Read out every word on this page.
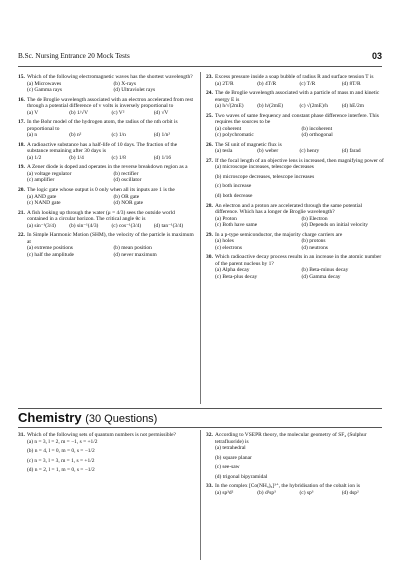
B.Sc. Nursing Entrance 20 Mock Tests	03
15. Which of the following electromagnetic waves has the shortest wavelength?
(a) Microwaves	(b) X-rays
(c) Gamma rays	(d) Ultraviolet rays
16. The de Broglie wavelength associated with an electron accelerated from rest through a potential difference of v volts is inversely proportional to
(a) V	(b) 1/√V	(c) V²	(d) √V
17. In the Bohr model of the hydrogen atom, the radius of the nth orbit is proportional to
(a) n	(b) n²	(c) 1/n	(d) 1/n²
18. A radioactive substance has a half-life of 10 days. The fraction of the substance remaining after 30 days is
(a) 1/2	(b) 1/4	(c) 1/8	(d) 1/16
19. A Zener diode is doped and operates in the reverse breakdown region as a
(a) voltage regulator	(b) rectifier
(c) amplifier	(d) oscillator
20. The logic gate whose output is 0 only when all its inputs are 1 is the
(a) AND gate	(b) OR gate
(c) NAND gate	(d) NOR gate
21. A fish looking up through the water (μ = 4/3) sees the outside world contained in a circular horizon. The critical angle θc is
(a) sin⁻¹(3/4)	(b) sin⁻¹(4/3)	(c) cos⁻¹(3/4)	(d) tan⁻¹(3/4)
22. In Simple Harmonic Motion (SHM), the velocity of the particle is maximum at
(a) extreme positions	(b) mean position
(c) half the amplitude	(d) never maximum
23. Excess pressure inside a soap bubble of radius R and surface tension T is
(a) 2T/R	(b) 4T/R	(c) T/R	(d) 8T/R
24. The de Broglie wavelength associated with a particle of mass m and kinetic energy E is
(a) h/√(2mE)	(b) h/(2mE)	(c) √(2mE)/h	(d) hE/2m
25. Two waves of same frequency and constant phase difference interfere. This requires the sources to be
(a) coherent	(b) incoherent
(c) polychromatic	(d) orthogonal
26. The SI unit of magnetic flux is
(a) tesla	(b) weber	(c) henry	(d) farad
27. If the focal length of an objective lens is increased, then magnifying power of
(a) microscope increases, telescope decreases
(b) microscope decreases, telescope increases
(c) both increase
(d) both decrease
28. An electron and a proton are accelerated through the same potential difference. Which has a longer de Broglie wavelength?
(a) Proton	(b) Electron
(c) Both have same	(d) Depends on initial velocity
29. In a p-type semiconductor, the majority charge carriers are
(a) holes	(b) protons
(c) electrons	(d) neutrons
30. Which radioactive decay process results in an increase in the atomic number of the parent nucleus by 1?
(a) Alpha decay	(b) Beta-minus decay
(c) Beta-plus decay	(d) Gamma decay
Chemistry (30 Questions)
31. Which of the following sets of quantum numbers is not permissible?
(a) n = 3, l = 2, m = −1, s = +1/2
(b) n = 4, l = 0, m = 0, s = −1/2
(c) n = 3, l = 3, m = 1, s = +1/2
(d) n = 2, l = 1, m = 0, s = −1/2
32. According to VSEPR theory, the molecular geometry of SF₄ (Sulphur tetrafluoride) is
(a) tetrahedral
(b) square planar
(c) see-saw
(d) trigonal bipyramidal
33. In the complex [Co(NH₃)₆]³⁺, the hybridisation of the cobalt ion is
(a) sp³d²	(b) d²sp³	(c) sp³	(d) dsp²
